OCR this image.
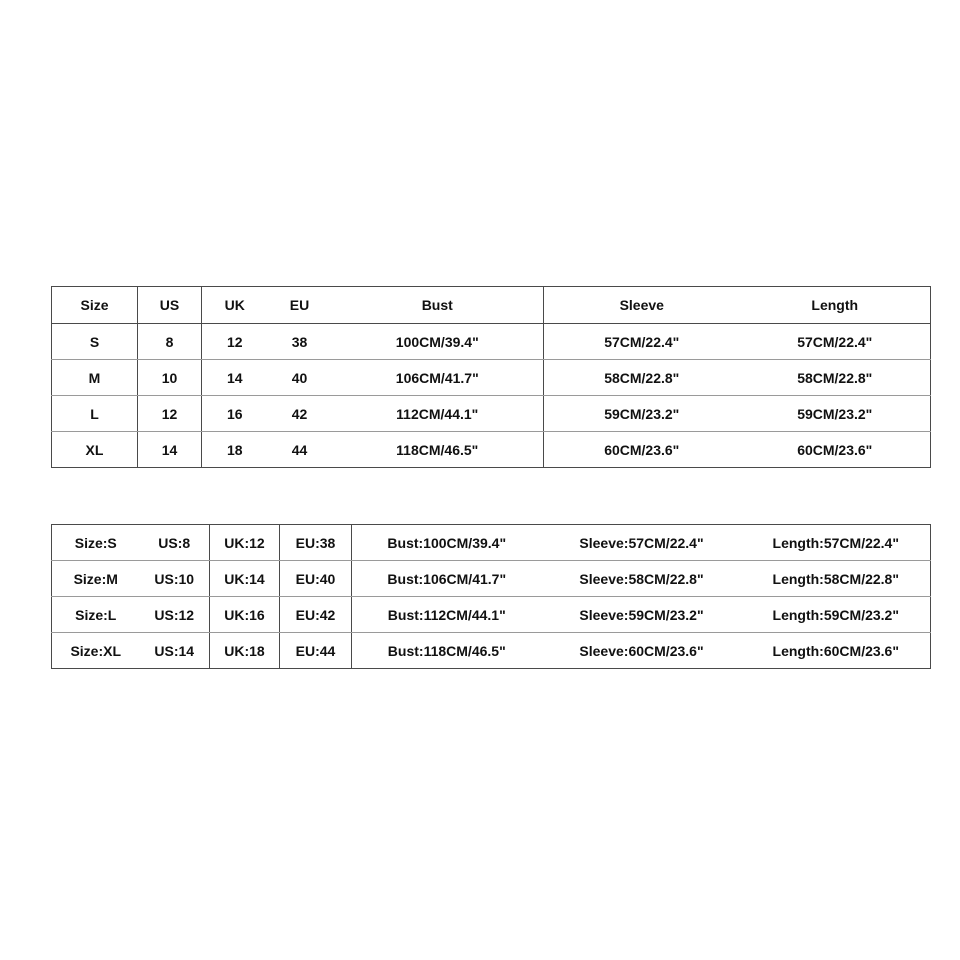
Size	US	UK	EU	Bust	Sleeve	Length
S	8	12	38	100CM/39.4"	57CM/22.4"	57CM/22.4"
M	10	14	40	106CM/41.7"	58CM/22.8"	58CM/22.8"
L	12	16	42	112CM/44.1"	59CM/23.2"	59CM/23.2"
XL	14	18	44	118CM/46.5"	60CM/23.6"	60CM/23.6"
Size:S	US:8	UK:12	EU:38	Bust:100CM/39.4"	Sleeve:57CM/22.4"	Length:57CM/22.4"
Size:M	US:10	UK:14	EU:40	Bust:106CM/41.7"	Sleeve:58CM/22.8"	Length:58CM/22.8"
Size:L	US:12	UK:16	EU:42	Bust:112CM/44.1"	Sleeve:59CM/23.2"	Length:59CM/23.2"
Size:XL	US:14	UK:18	EU:44	Bust:118CM/46.5"	Sleeve:60CM/23.6"	Length:60CM/23.6"
